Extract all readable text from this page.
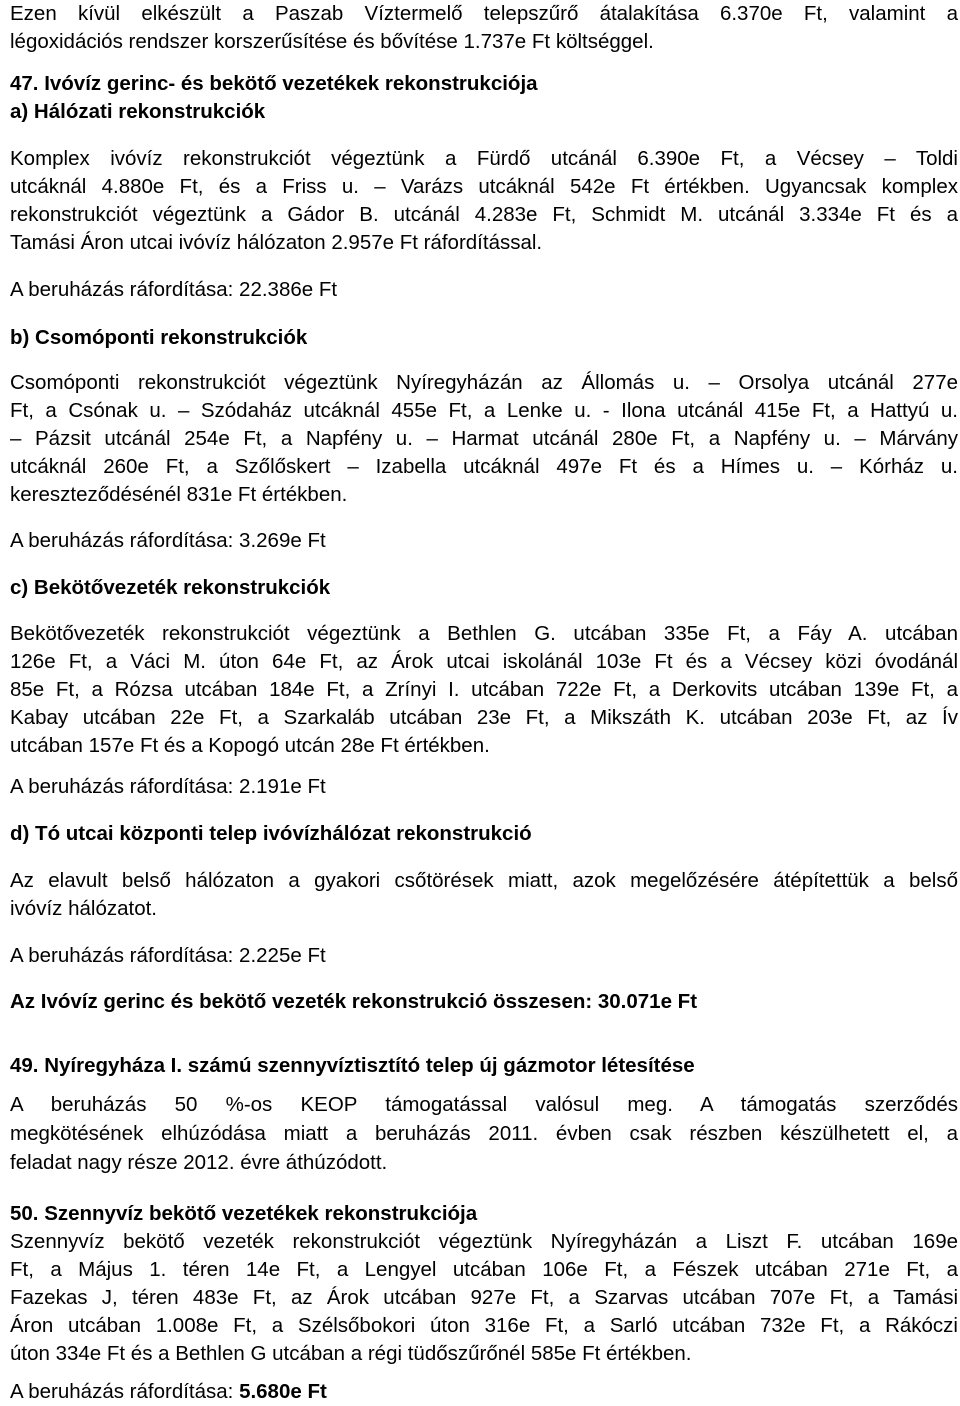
Ezen kívül elkészült a Paszab Víztermelő telepszűrő átalakítása 6.370e Ft, valamint a

légoxidációs rendszer korszerűsítése és bővítése 1.737e Ft költséggel.

47. Ivóvíz gerinc- és bekötő vezetékek rekonstrukciója

a) Hálózati rekonstrukciók

Komplex ivóvíz rekonstrukciót végeztünk a Fürdő utcánál 6.390e Ft, a Vécsey – Toldi

utcáknál 4.880e Ft, és a Friss u. – Varázs utcáknál 542e Ft értékben. Ugyancsak komplex

rekonstrukciót végeztünk a Gádor B. utcánál 4.283e Ft, Schmidt M. utcánál 3.334e Ft és a

Tamási Áron utcai ivóvíz hálózaton 2.957e Ft ráfordítással.

A beruházás ráfordítása: 22.386e Ft

b) Csomóponti rekonstrukciók

Csomóponti rekonstrukciót végeztünk Nyíregyházán az Állomás u. – Orsolya utcánál 277e

Ft, a Csónak u. – Szódaház utcáknál 455e Ft, a Lenke u. - Ilona utcánál 415e Ft, a Hattyú u.

– Pázsit utcánál 254e Ft, a Napfény u. – Harmat utcánál 280e Ft, a Napfény u. – Márvány

utcáknál 260e Ft, a Szőlőskert – Izabella utcáknál 497e Ft és a Hímes u. – Kórház u.

kereszteződésénél 831e Ft értékben.

A beruházás ráfordítása: 3.269e Ft

c) Bekötővezeték rekonstrukciók

Bekötővezeték rekonstrukciót végeztünk a Bethlen G. utcában 335e Ft, a Fáy A. utcában

126e Ft, a Váci M. úton 64e Ft, az Árok utcai iskolánál 103e Ft és a Vécsey közi óvodánál

85e Ft, a Rózsa utcában 184e Ft, a Zrínyi I. utcában 722e Ft, a Derkovits utcában 139e Ft, a

Kabay utcában 22e Ft, a Szarkaláb utcában 23e Ft, a Mikszáth K. utcában 203e Ft, az Ív

utcában 157e Ft és a Kopogó utcán 28e Ft értékben.

A beruházás ráfordítása: 2.191e Ft

d) Tó utcai központi telep ivóvízhálózat rekonstrukció

Az elavult belső hálózaton a gyakori csőtörések miatt, azok megelőzésére átépítettük a belső

ivóvíz hálózatot.

A beruházás ráfordítása: 2.225e Ft

Az Ivóvíz gerinc és bekötő vezeték rekonstrukció összesen: 30.071e Ft

49. Nyíregyháza I. számú szennyvíztisztító telep új gázmotor létesítése

A beruházás 50 %-os KEOP támogatással valósul meg. A támogatás szerződés

megkötésének elhúzódása miatt a beruházás 2011. évben csak részben készülhetett el, a

feladat nagy része 2012. évre áthúzódott.

50. Szennyvíz bekötő vezetékek rekonstrukciója

Szennyvíz bekötő vezeték rekonstrukciót végeztünk Nyíregyházán a Liszt F. utcában 169e

Ft, a Május 1. téren 14e Ft, a Lengyel utcában 106e Ft, a Fészek utcában 271e Ft, a

Fazekas J, téren 483e Ft, az Árok utcában 927e Ft, a Szarvas utcában 707e Ft, a Tamási

Áron utcában 1.008e Ft, a Szélsőbokori úton 316e Ft, a Sarló utcában 732e Ft, a Rákóczi

úton 334e Ft és a Bethlen G utcában a régi tüdőszűrőnél 585e Ft értékben.

A beruházás ráfordítása: 5.680e Ft
